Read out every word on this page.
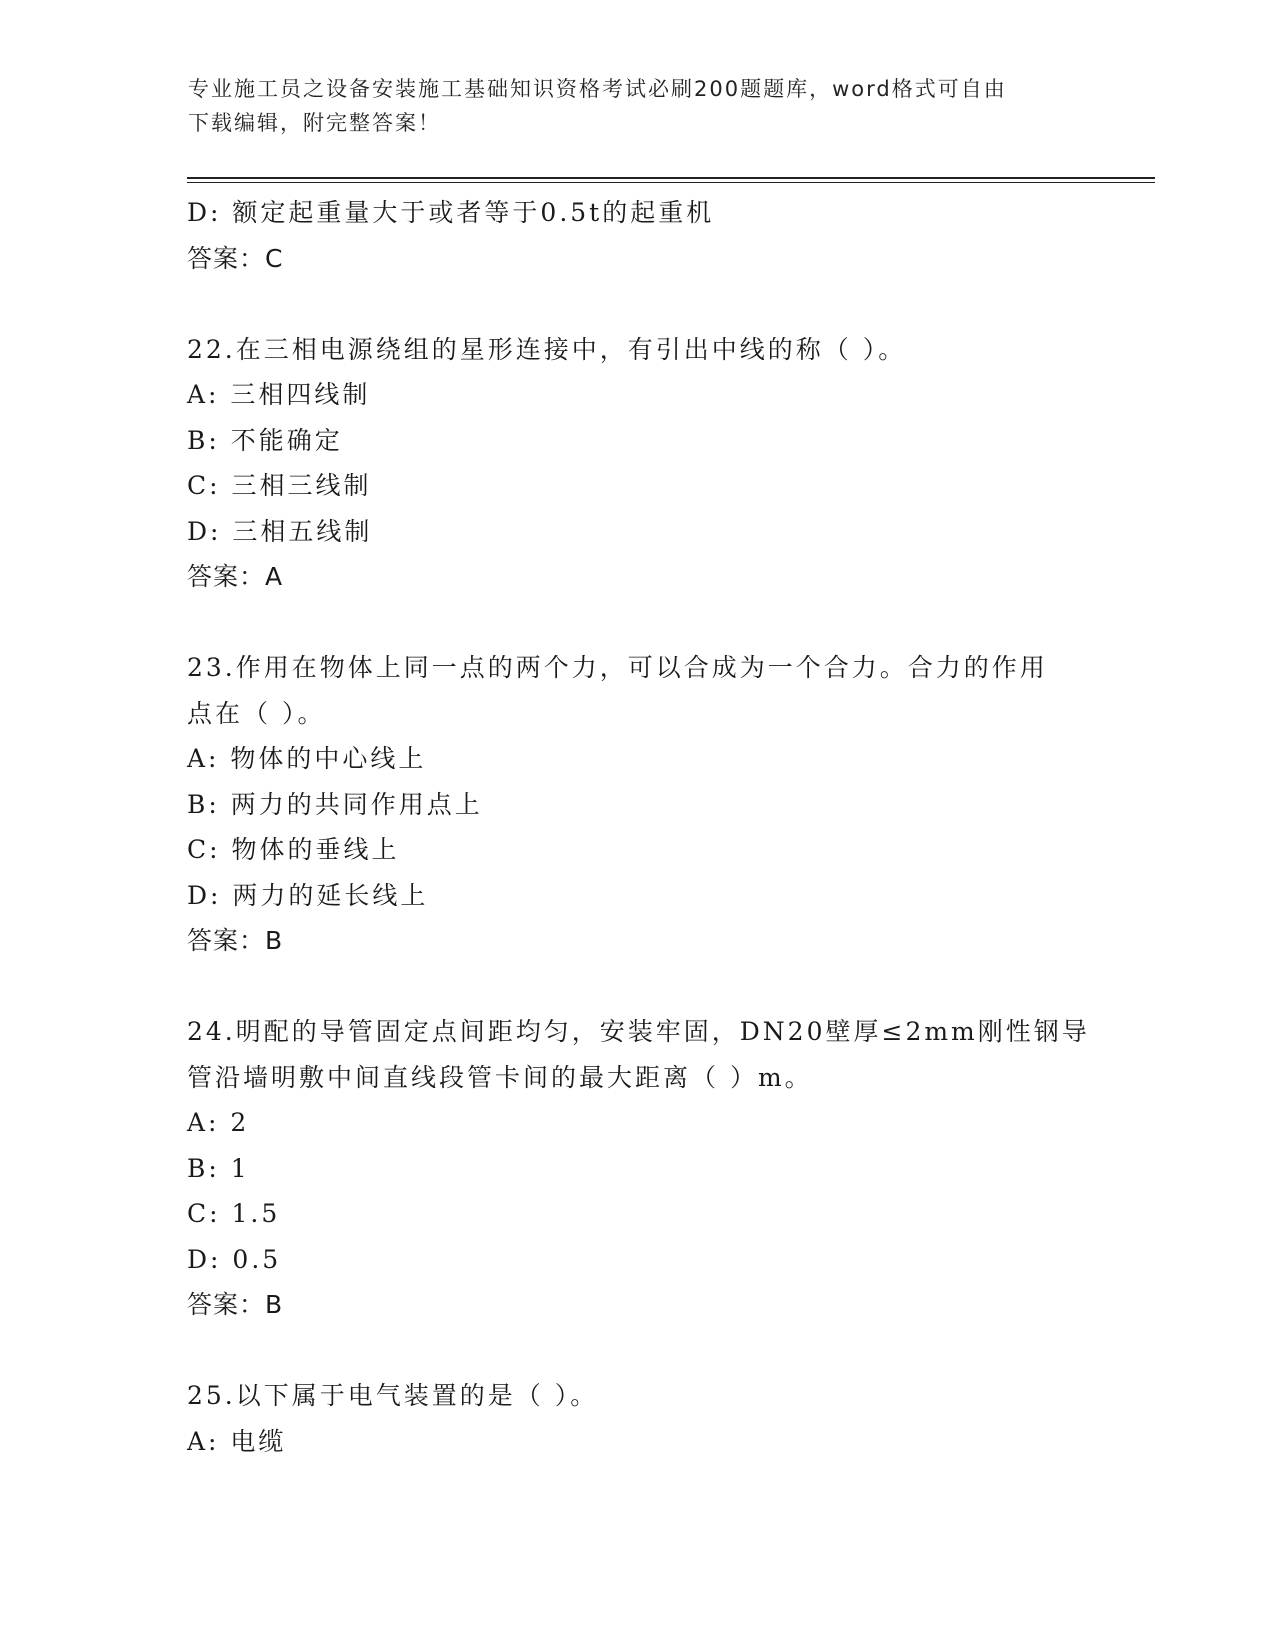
专业施工员之设备安装施工基础知识资格考试必刷200题题库，word格式可自由
下载编辑，附完整答案！
D: 额定起重量大于或者等于0.5t的起重机
答案：C
22.在三相电源绕组的星形连接中，有引出中线的称（ ）。
A: 三相四线制
B: 不能确定
C: 三相三线制
D: 三相五线制
答案：A
23.作用在物体上同一点的两个力，可以合成为一个合力。合力的作用
点在（ ）。
A: 物体的中心线上
B: 两力的共同作用点上
C: 物体的垂线上
D: 两力的延长线上
答案：B
24.明配的导管固定点间距均匀，安装牢固，DN20壁厚≤2mm刚性钢导
管沿墙明敷中间直线段管卡间的最大距离（ ）m。
A: 2
B: 1
C: 1.5
D: 0.5
答案：B
25.以下属于电气装置的是（ ）。
A: 电缆
